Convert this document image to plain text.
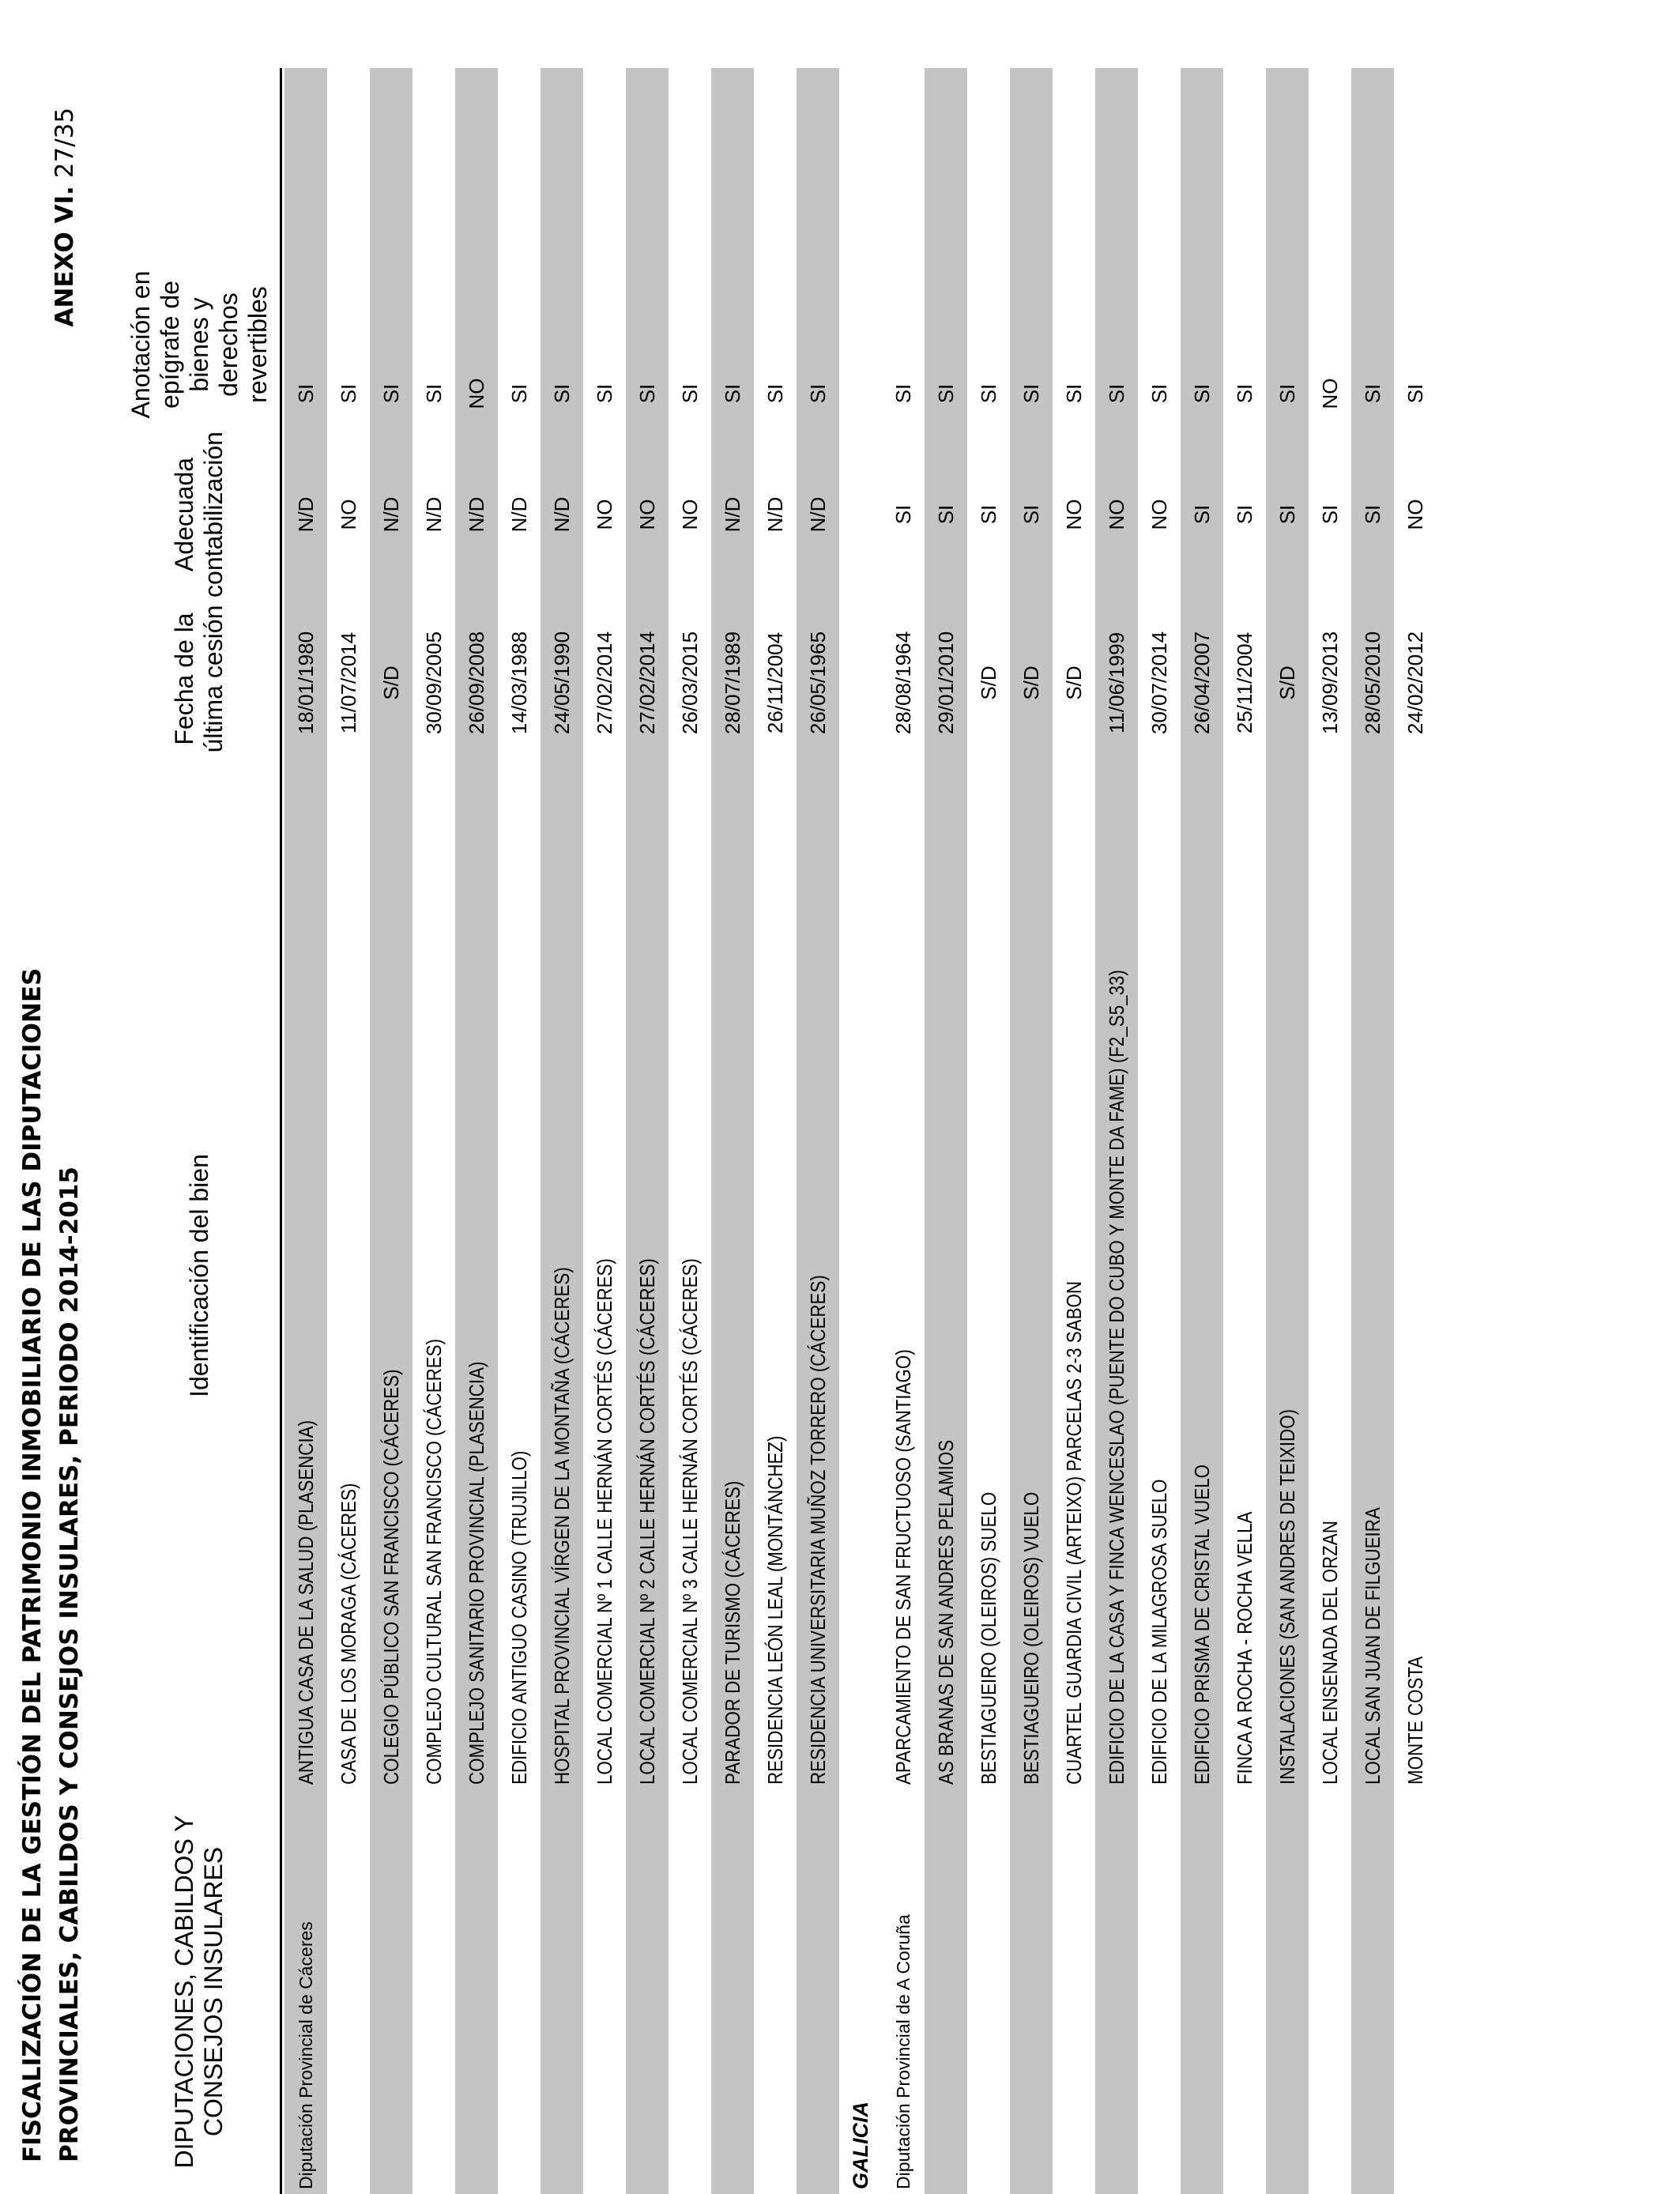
FISCALIZACIÓN DE LA GESTIÓN DEL PATRIMONIO INMOBILIARIO DE LAS DIPUTACIONES PROVINCIALES, CABILDOS Y CONSEJOS INSULARES, PERIODO 2014-2015
ANEXO VI. 27/35
DIPUTACIONES, CABILDOS Y CONSEJOS INSULARES
Identificación del bien
Fecha de la última cesión
Adecuada contabilización
Anotación en epígrafe de bienes y derechos revertibles
Diputación Provincial de Cáceres
ANTIGUA CASA DE LA SALUD (PLASENCIA)
18/01/1980
N/D
SI
CASA DE LOS MORAGA (CÁCERES)
11/07/2014
NO
SI
COLEGIO PÚBLICO SAN FRANCISCO (CÁCERES)
S/D
N/D
SI
COMPLEJO CULTURAL SAN FRANCISCO (CÁCERES)
30/09/2005
N/D
SI
COMPLEJO SANITARIO PROVINCIAL (PLASENCIA)
26/09/2008
N/D
NO
EDIFICIO ANTIGUO CASINO (TRUJILLO)
14/03/1988
N/D
SI
HOSPITAL PROVINCIAL VÍRGEN DE LA MONTAÑA (CÁCERES)
24/05/1990
N/D
SI
LOCAL COMERCIAL Nº 1 CALLE HERNÁN CORTÉS (CÁCERES)
27/02/2014
NO
SI
LOCAL COMERCIAL Nº 2 CALLE HERNÁN CORTÉS (CÁCERES)
27/02/2014
NO
SI
LOCAL COMERCIAL Nº 3 CALLE HERNÁN CORTÉS (CÁCERES)
26/03/2015
NO
SI
PARADOR DE TURISMO (CÁCERES)
28/07/1989
N/D
SI
RESIDENCIA LEÓN LEAL (MONTÁNCHEZ)
26/11/2004
N/D
SI
RESIDENCIA UNIVERSITARIA MUÑOZ TORRERO (CÁCERES)
26/05/1965
N/D
SI
GALICIA	Diputación Provincial de A Coruña
APARCAMIENTO DE SAN FRUCTUOSO (SANTIAGO)
28/08/1964
SI
SI
AS BRANAS DE SAN ANDRES PELAMIOS
29/01/2010
SI
SI
BESTIAGUEIRO (OLEIROS) SUELO
S/D
SI
SI
BESTIAGUEIRO (OLEIROS) VUELO
S/D
SI
SI
CUARTEL GUARDIA CIVIL (ARTEIXO) PARCELAS 2-3 SABON
S/D
NO
SI
EDIFICIO DE LA CASA Y FINCA WENCESLAO (PUENTE DO CUBO Y MONTE DA FAME) (F2_S5_33)
11/06/1999
NO
SI
EDIFICIO DE LA MILAGROSA SUELO
30/07/2014
NO
SI
EDIFICIO PRISMA DE CRISTAL VUELO
26/04/2007
SI
SI
FINCA A ROCHA - ROCHA VELLA
25/11/2004
SI
SI
INSTALACIONES (SAN ANDRES DE TEIXIDO)
S/D
SI
SI
LOCAL ENSENADA DEL ORZAN
13/09/2013
SI
NO
LOCAL SAN JUAN DE FILGUEIRA
28/05/2010
SI
SI
MONTE COSTA
24/02/2012
NO
SI
